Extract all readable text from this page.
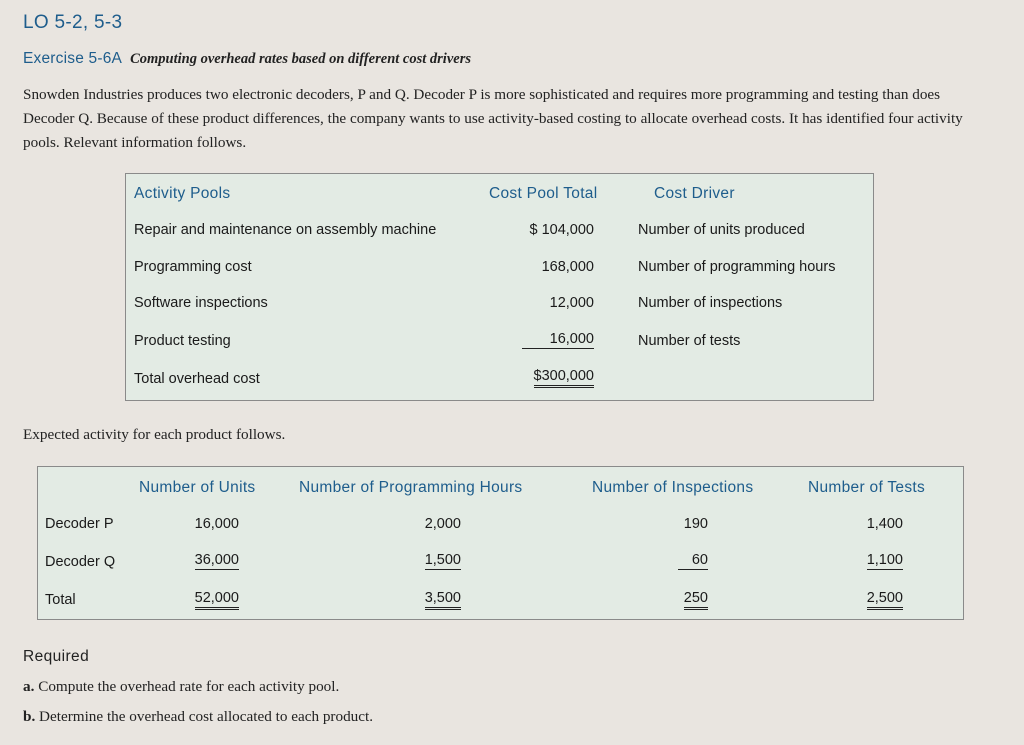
LO 5-2, 5-3
Exercise 5-6A Computing overhead rates based on different cost drivers
Snowden Industries produces two electronic decoders, P and Q. Decoder P is more sophisticated and requires more programming and testing than does Decoder Q. Because of these product differences, the company wants to use activity-based costing to allocate overhead costs. It has identified four activity pools. Relevant information follows.
Activity Pools	Cost Pool Total	Cost Driver
Repair and maintenance on assembly machine	$ 104,000	Number of units produced
Programming cost	168,000	Number of programming hours
Software inspections	12,000	Number of inspections
Product testing	16,000	Number of tests
Total overhead cost	$300,000
Expected activity for each product follows.
Number of Units	Number of Programming Hours	Number of Inspections	Number of Tests
Decoder P	16,000	2,000	190	1,400
Decoder Q	36,000	1,500	60	1,100
Total	52,000	3,500	250	2,500
Required
a. Compute the overhead rate for each activity pool.
b. Determine the overhead cost allocated to each product.
